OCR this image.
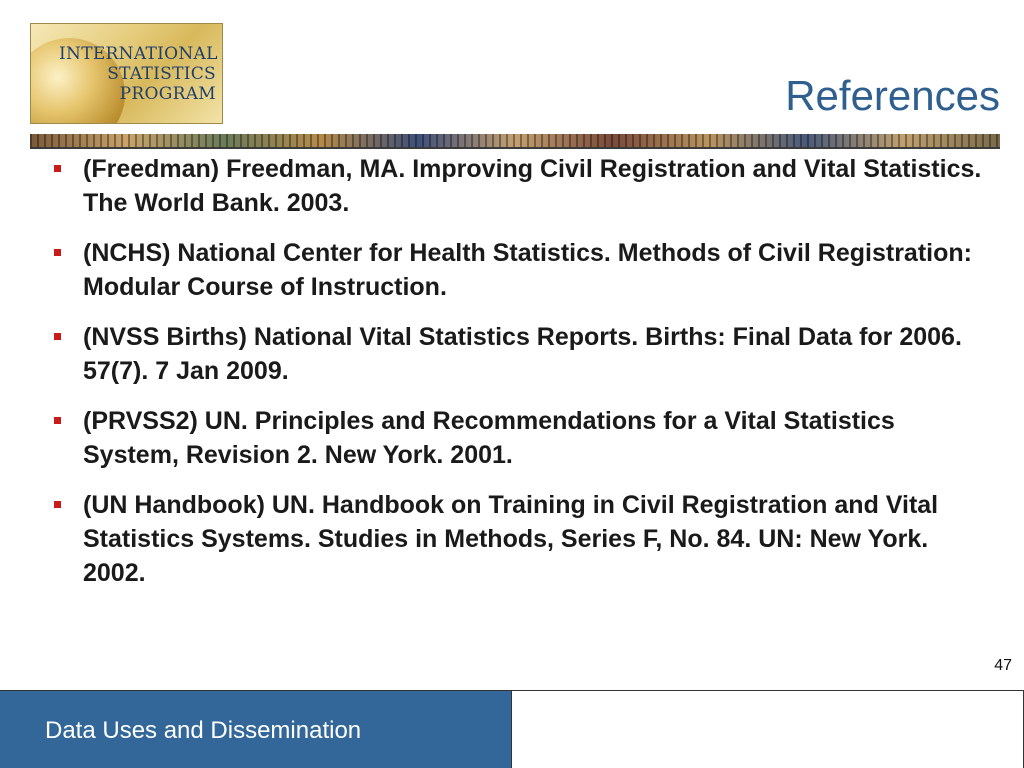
INTERNATIONAL
STATISTICS
PROGRAM	References
(Freedman) Freedman, MA. Improving Civil Registration and Vital Statistics. The World Bank. 2003.
(NCHS) National Center for Health Statistics. Methods of Civil Registration: Modular Course of Instruction.
(NVSS Births) National Vital Statistics Reports. Births: Final Data for 2006. 57(7). 7 Jan 2009.
(PRVSS2) UN. Principles and Recommendations for a Vital Statistics System, Revision 2. New York. 2001.
(UN Handbook) UN. Handbook on Training in Civil Registration and Vital Statistics Systems. Studies in Methods, Series F, No. 84. UN: New York. 2002.
47
Data Uses and Dissemination
